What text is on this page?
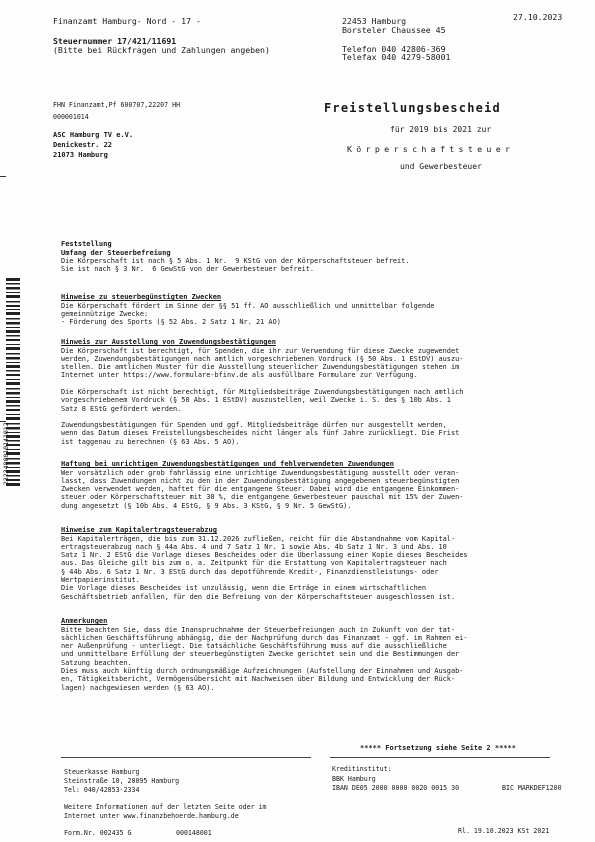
Finanzamt Hamburg- Nord - 17 -
Steuernummer 17/421/11691
(Bitte bei Rückfragen und Zahlungen angeben)
27.10.2023
22453 Hamburg
Borsteler Chaussee 45
Telefon 040 42806-369
Telefax 040 4279-58001
FHN Finanzamt,Pf 600707,22207 HH
000001014
ASC Hamburg TV e.V.
Denickestr. 22
21073 Hamburg
Freistellungsbescheid
für 2019 bis 2021 zur
Körperschaftsteuer
und Gewerbesteuer
2323480010141012
Feststellung
Umfang der Steuerbefreiung
Die Körperschaft ist nach § 5 Abs. 1 Nr.  9 KStG von der Körperschaftsteuer befreit.
Sie ist nach § 3 Nr.  6 GewStG von der Gewerbesteuer befreit.
Hinweise zu steuerbegünstigten Zwecken
Die Körperschaft fördert im Sinne der §§ 51 ff. AO ausschließlich und unmittelbar folgende
gemeinnützige Zwecke:
- Förderung des Sports (§ 52 Abs. 2 Satz 1 Nr. 21 AO)
Hinweis zur Ausstellung von Zuwendungsbestätigungen
Die Körperschaft ist berechtigt, für Spenden, die ihr zur Verwendung für diese Zwecke zugewendet
werden, Zuwendungsbestätigungen nach amtlich vorgeschriebenen Vordruck (§ 50 Abs. 1 EStDV) auszu-
stellen. Die amtlichen Muster für die Ausstellung steuerlicher Zuwendungsbestätigungen stehen im
Internet unter https://www.formulare-bfinv.de als ausfüllbare Formulare zur Verfügung.

Die Körperschaft ist nicht berechtigt, für Mitgliedsbeiträge Zuwendungsbestätigungen nach amtlich
vorgeschriebenem Vordruck (§ 50 Abs. 1 EStDV) auszustellen, weil Zwecke i. S. des § 10b Abs. 1
Satz 8 EStG gefördert werden.

Zuwendungsbestätigungen für Spenden und ggf. Mitgliedsbeiträge dürfen nur ausgestellt werden,
wenn das Datum dieses Freistellungsbescheides nicht länger als fünf Jahre zurückliegt. Die Frist
ist taggenau zu berechnen (§ 63 Abs. 5 AO).
Haftung bei unrichtigen Zuwendungsbestätigungen und fehlverwendeten Zuwendungen
Wer vorsätzlich oder grob fahrlässig eine unrichtige Zuwendungsbestätigung ausstellt oder veran-
lasst, dass Zuwendungen nicht zu den in der Zuwendungsbestätigung angegebenen steuerbegünstigten
Zwecken verwendet werden, haftet für die entgangene Steuer. Dabei wird die entgangene Einkommen-
steuer oder Körperschaftsteuer mit 30 %, die entgangene Gewerbesteuer pauschal mit 15% der Zuwen-
dung angesetzt (§ 10b Abs. 4 EStG, § 9 Abs. 3 KStG, § 9 Nr. 5 GewStG).
Hinweise zum Kapitalertragsteuerabzug
Bei Kapitalerträgen, die bis zum 31.12.2026 zufließen, reicht für die Abstandnahme vom Kapital-
ertragsteuerabzug nach § 44a Abs. 4 und 7 Satz 1 Nr. 1 sowie Abs. 4b Satz 1 Nr. 3 und Abs. 10
Satz 1 Nr. 2 EStG die Vorlage dieses Bescheides oder die Überlassung einer Kopie dieses Bescheides
aus. Das Gleiche gilt bis zum o. a. Zeitpunkt für die Erstattung von Kapitalertragsteuer nach
§ 44b Abs. 6 Satz 1 Nr. 3 EStG durch das depotführende Kredit-, Finanzdienstleistungs- oder
Wertpapierinstitut.
Die Vorlage dieses Bescheides ist unzulässig, wenn die Erträge in einem wirtschaftlichen
Geschäftsbetrieb anfallen, für den die Befreiung von der Körperschaftsteuer ausgeschlossen ist.
Anmerkungen
Bitte beachten Sie, dass die Inanspruchnahme der Steuerbefreiungen auch in Zukunft von der tat-
sächlichen Geschäftsführung abhängig, die der Nachprüfung durch das Finanzamt - ggf. im Rahmen ei-
ner Außenprüfung - unterliegt. Die tatsächliche Geschäftsführung muss auf die ausschließliche
und unmittelbare Erfüllung der steuerbegünstigten Zwecke gerichtet sein und die Bestimmungen der
Satzung beachten.
Dies muss auch künftig durch ordnungsmäßige Aufzeichnungen (Aufstellung der Einnahmen und Ausgab-
en, Tätigkeitsbericht, Vermögensübersicht mit Nachweisen über Bildung und Entwicklung der Rück-
lagen) nachgewiesen werden (§ 63 AO).
***** Fortsetzung siehe Seite 2 *****
Steuerkasse Hamburg
Steinstraße 10, 20095 Hamburg
Tel: 040/42853-2334
Weitere Informationen auf der letzten Seite oder im
Internet unter www.finanzbehoerde.hamburg.de
Form.Nr. 002435 G	000148001
Kreditinstitut:
BBK Hamburg
IBAN DE05 2000 0000 0020 0015 30	BIC MARKDEF1200
Rl. 19.10.2023 KSt 2021
